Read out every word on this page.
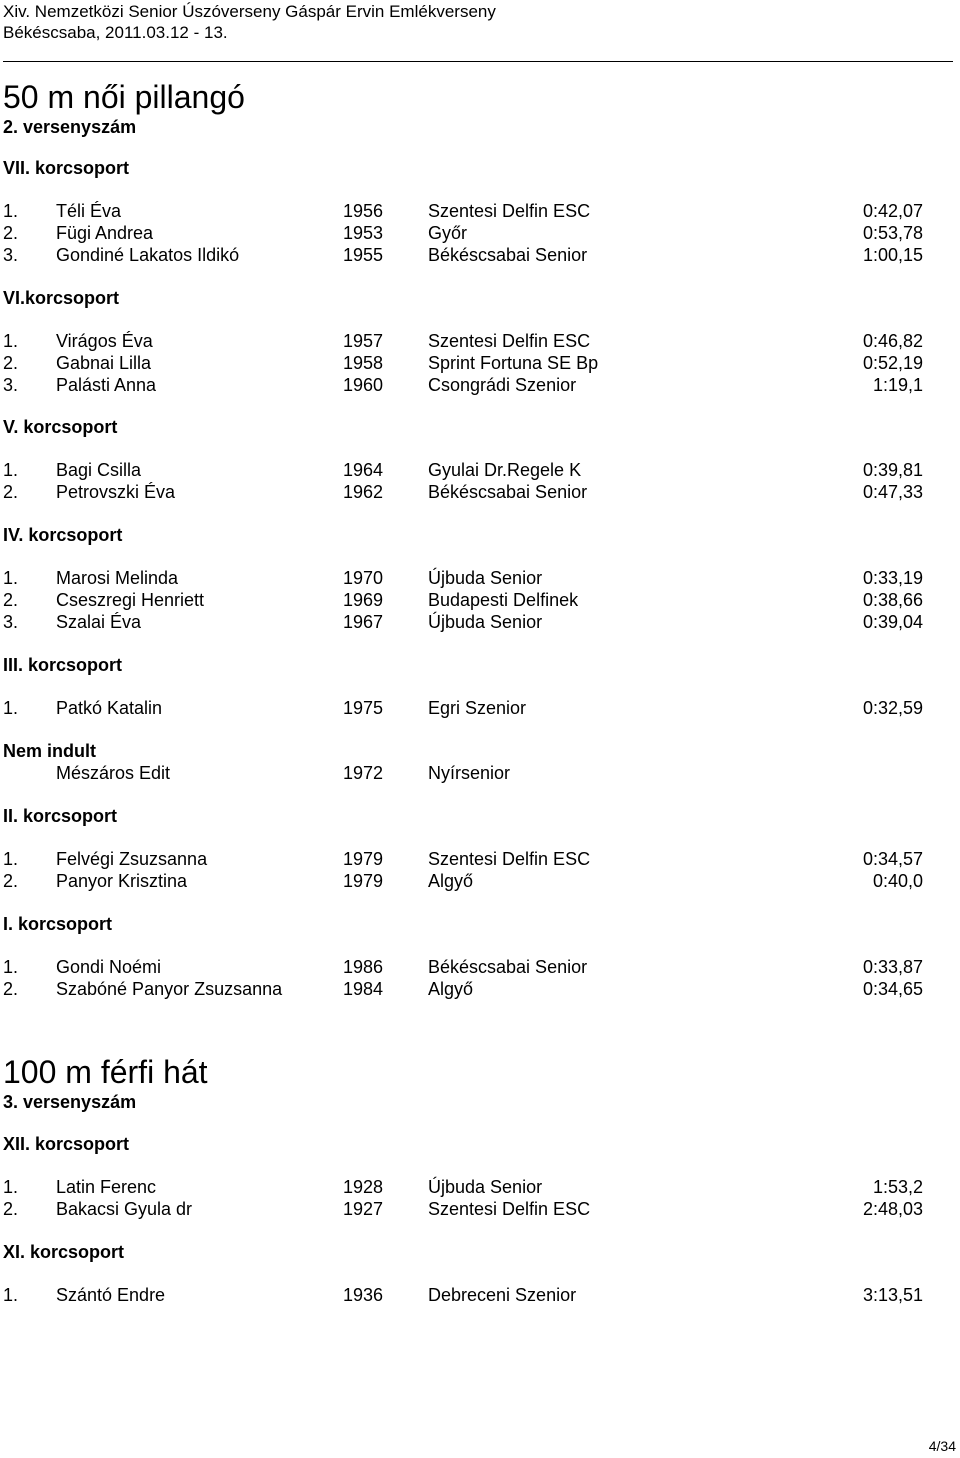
Xiv. Nemzetközi Senior Úszóverseny Gáspár Ervin Emlékverseny
Békéscsaba, 2011.03.12 - 13.
50 m női pillangó
2. versenyszám
VII. korcsoport
1. Téli Éva	1956 Szentesi Delfin ESC	0:42,07
2. Fügi Andrea	1953 Győr	0:53,78
3. Gondiné Lakatos Ildikó	1955 Békéscsabai Senior	1:00,15
VI.korcsoport
1. Virágos Éva	1957 Szentesi Delfin ESC	0:46,82
2. Gabnai Lilla	1958 Sprint Fortuna SE Bp	0:52,19
3. Palásti Anna	1960 Csongrádi Szenior	1:19,1
V. korcsoport
1. Bagi Csilla	1964 Gyulai Dr.Regele K	0:39,81
2. Petrovszki Éva	1962 Békéscsabai Senior	0:47,33
IV. korcsoport
1. Marosi Melinda	1970 Újbuda Senior	0:33,19
2. Cseszregi Henriett	1969 Budapesti Delfinek	0:38,66
3. Szalai Éva	1967 Újbuda Senior	0:39,04
III. korcsoport
1. Patkó Katalin	1975 Egri Szenior	0:32,59
Nem indult
Mészáros Edit	1972 Nyírsenior
II. korcsoport
1. Felvégi Zsuzsanna	1979 Szentesi Delfin ESC	0:34,57
2. Panyor Krisztina	1979 Algyő	0:40,0
I. korcsoport
1. Gondi Noémi	1986 Békéscsabai Senior	0:33,87
2. Szabóné Panyor Zsuzsanna	1984 Algyő	0:34,65
100 m férfi hát
3. versenyszám
XII. korcsoport
1. Latin Ferenc	1928 Újbuda Senior	1:53,2
2. Bakacsi Gyula dr	1927 Szentesi Delfin ESC	2:48,03
XI. korcsoport
1. Szántó Endre	1936 Debreceni Szenior	3:13,51
4/34
